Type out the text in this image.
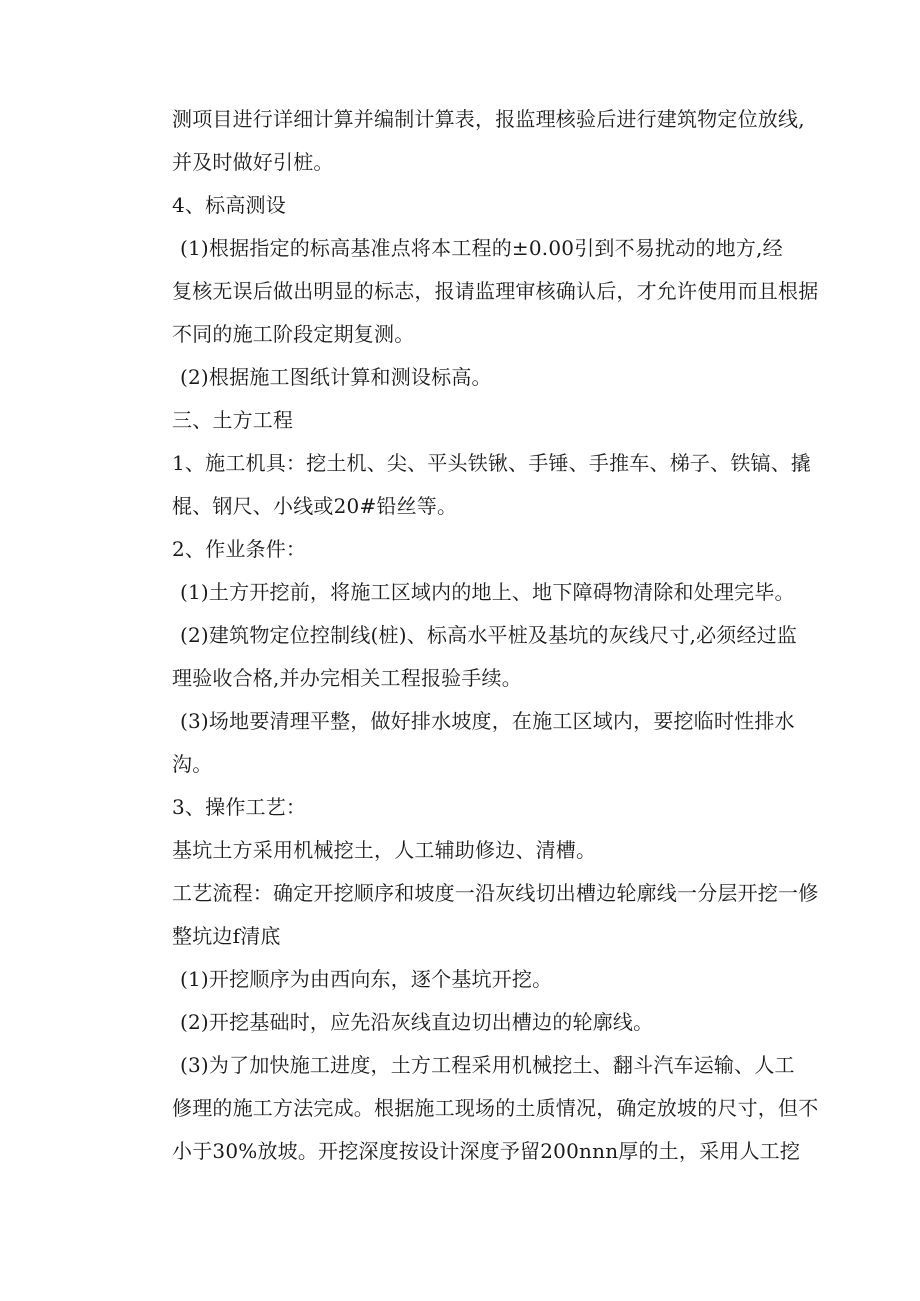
测项目进行详细计算并编制计算表，报监理核验后进行建筑物定位放线,
并及时做好引桩。
4、标高测设
(1)根据指定的标高基准点将本工程的±0.00引到不易扰动的地方,经
复核无误后做出明显的标志，报请监理审核确认后，才允许使用而且根据
不同的施工阶段定期复测。
(2)根据施工图纸计算和测设标高。
三、土方工程
1、施工机具：挖土机、尖、平头铁锹、手锤、手推车、梯子、铁镐、撬
棍、钢尺、小线或20#铅丝等。
2、作业条件：
(1)土方开挖前，将施工区域内的地上、地下障碍物清除和处理完毕。
(2)建筑物定位控制线(桩)、标高水平桩及基坑的灰线尺寸,必须经过监
理验收合格,并办完相关工程报验手续。
(3)场地要清理平整，做好排水坡度，在施工区域内，要挖临时性排水
沟。
3、操作工艺：
基坑土方采用机械挖土，人工辅助修边、清槽。
工艺流程：确定开挖顺序和坡度一沿灰线切出槽边轮廓线一分层开挖一修
整坑边f清底
(1)开挖顺序为由西向东，逐个基坑开挖。
(2)开挖基础时，应先沿灰线直边切出槽边的轮廓线。
(3)为了加快施工进度，土方工程采用机械挖土、翻斗汽车运输、人工
修理的施工方法完成。根据施工现场的土质情况，确定放坡的尺寸，但不
小于30%放坡。开挖深度按设计深度予留200nnn厚的土，采用人工挖
